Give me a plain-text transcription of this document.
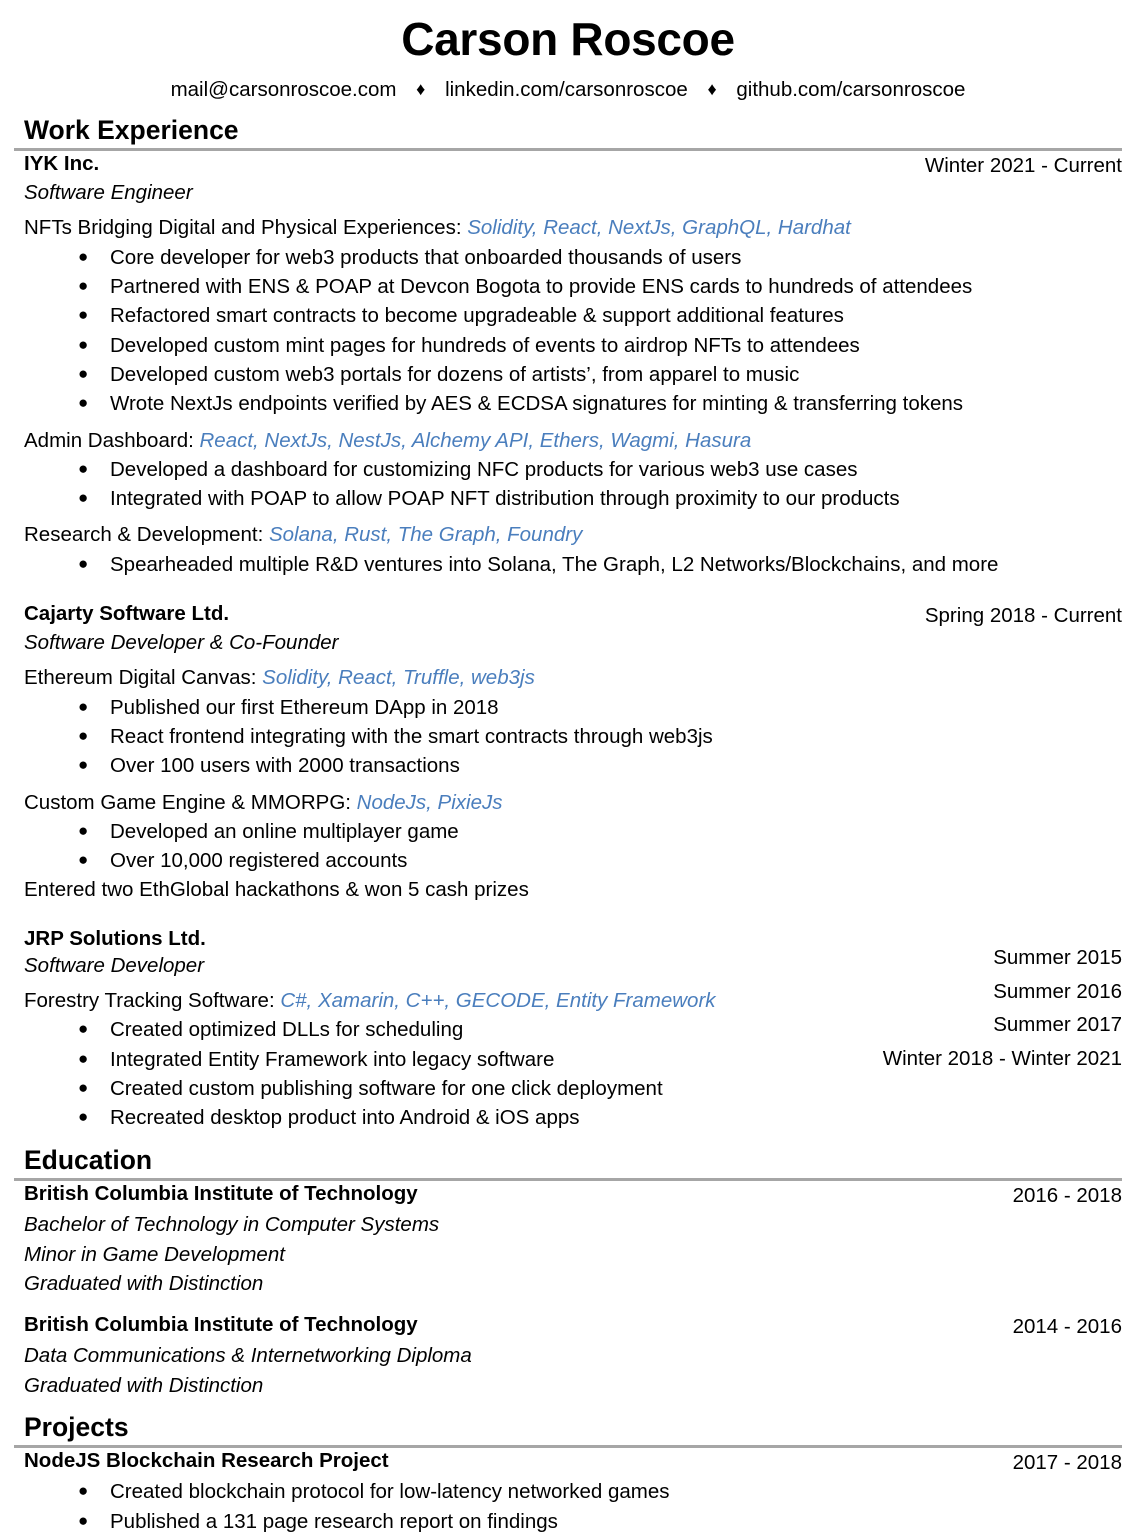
Carson Roscoe
mail@carsonroscoe.com ♦ linkedin.com/carsonroscoe ♦ github.com/carsonroscoe
Work Experience
IYK Inc.	Winter 2021 - Current
Software Engineer
NFTs Bridging Digital and Physical Experiences: Solidity, React, NextJs, GraphQL, Hardhat
● Core developer for web3 products that onboarded thousands of users
● Partnered with ENS & POAP at Devcon Bogota to provide ENS cards to hundreds of attendees
● Refactored smart contracts to become upgradeable & support additional features
● Developed custom mint pages for hundreds of events to airdrop NFTs to attendees
● Developed custom web3 portals for dozens of artists’, from apparel to music
● Wrote NextJs endpoints verified by AES & ECDSA signatures for minting & transferring tokens
Admin Dashboard: React, NextJs, NestJs, Alchemy API, Ethers, Wagmi, Hasura
● Developed a dashboard for customizing NFC products for various web3 use cases
● Integrated with POAP to allow POAP NFT distribution through proximity to our products
Research & Development: Solana, Rust, The Graph, Foundry
● Spearheaded multiple R&D ventures into Solana, The Graph, L2 Networks/Blockchains, and more
Cajarty Software Ltd.	Spring 2018 - Current
Software Developer & Co-Founder
Ethereum Digital Canvas: Solidity, React, Truffle, web3js
● Published our first Ethereum DApp in 2018
● React frontend integrating with the smart contracts through web3js
● Over 100 users with 2000 transactions
Custom Game Engine & MMORPG: NodeJs, PixieJs
● Developed an online multiplayer game
● Over 10,000 registered accounts
Entered two EthGlobal hackathons & won 5 cash prizes
JRP Solutions Ltd.
Software Developer	Summer 2015
Summer 2016
Summer 2017
Winter 2018 - Winter 2021
Forestry Tracking Software: C#, Xamarin, C++, GECODE, Entity Framework
● Created optimized DLLs for scheduling
● Integrated Entity Framework into legacy software
● Created custom publishing software for one click deployment
● Recreated desktop product into Android & iOS apps
Education
British Columbia Institute of Technology	2016 - 2018
Bachelor of Technology in Computer Systems
Minor in Game Development
Graduated with Distinction
British Columbia Institute of Technology	2014 - 2016
Data Communications & Internetworking Diploma
Graduated with Distinction
Projects
NodeJS Blockchain Research Project	2017 - 2018
● Created blockchain protocol for low-latency networked games
● Published a 131 page research report on findings
